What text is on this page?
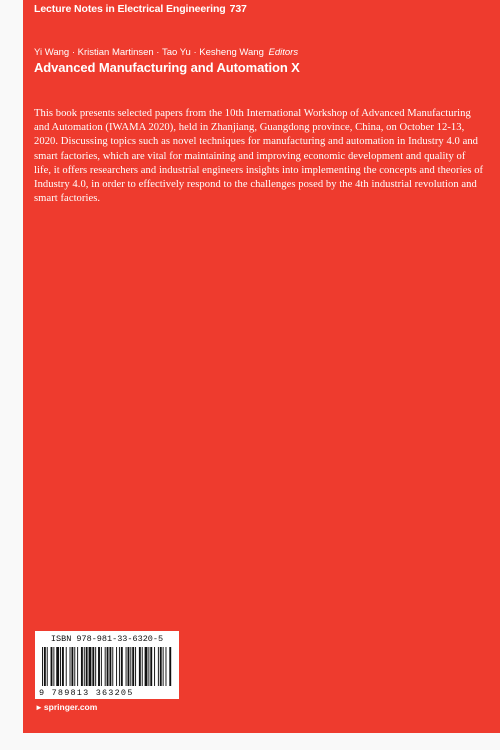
Lecture Notes in Electrical Engineering 737
Yi Wang · Kristian Martinsen · Tao Yu · Kesheng Wang Editors
Advanced Manufacturing and Automation X

This book presents selected papers from the 10th International Workshop of Advanced Manufacturing and Automation (IWAMA 2020), held in Zhanjiang, Guangdong province, China, on October 12-13, 2020. Discussing topics such as novel techniques for manufacturing and automation in Industry 4.0 and smart factories, which are vital for maintaining and improving economic development and quality of life, it offers researchers and industrial engineers insights into implementing the concepts and theories of Industry 4.0, in order to effectively respond to the challenges posed by the 4th industrial revolution and smart factories.

ISBN 978-981-33-6320-5
9 789813 363205
►springer.com
